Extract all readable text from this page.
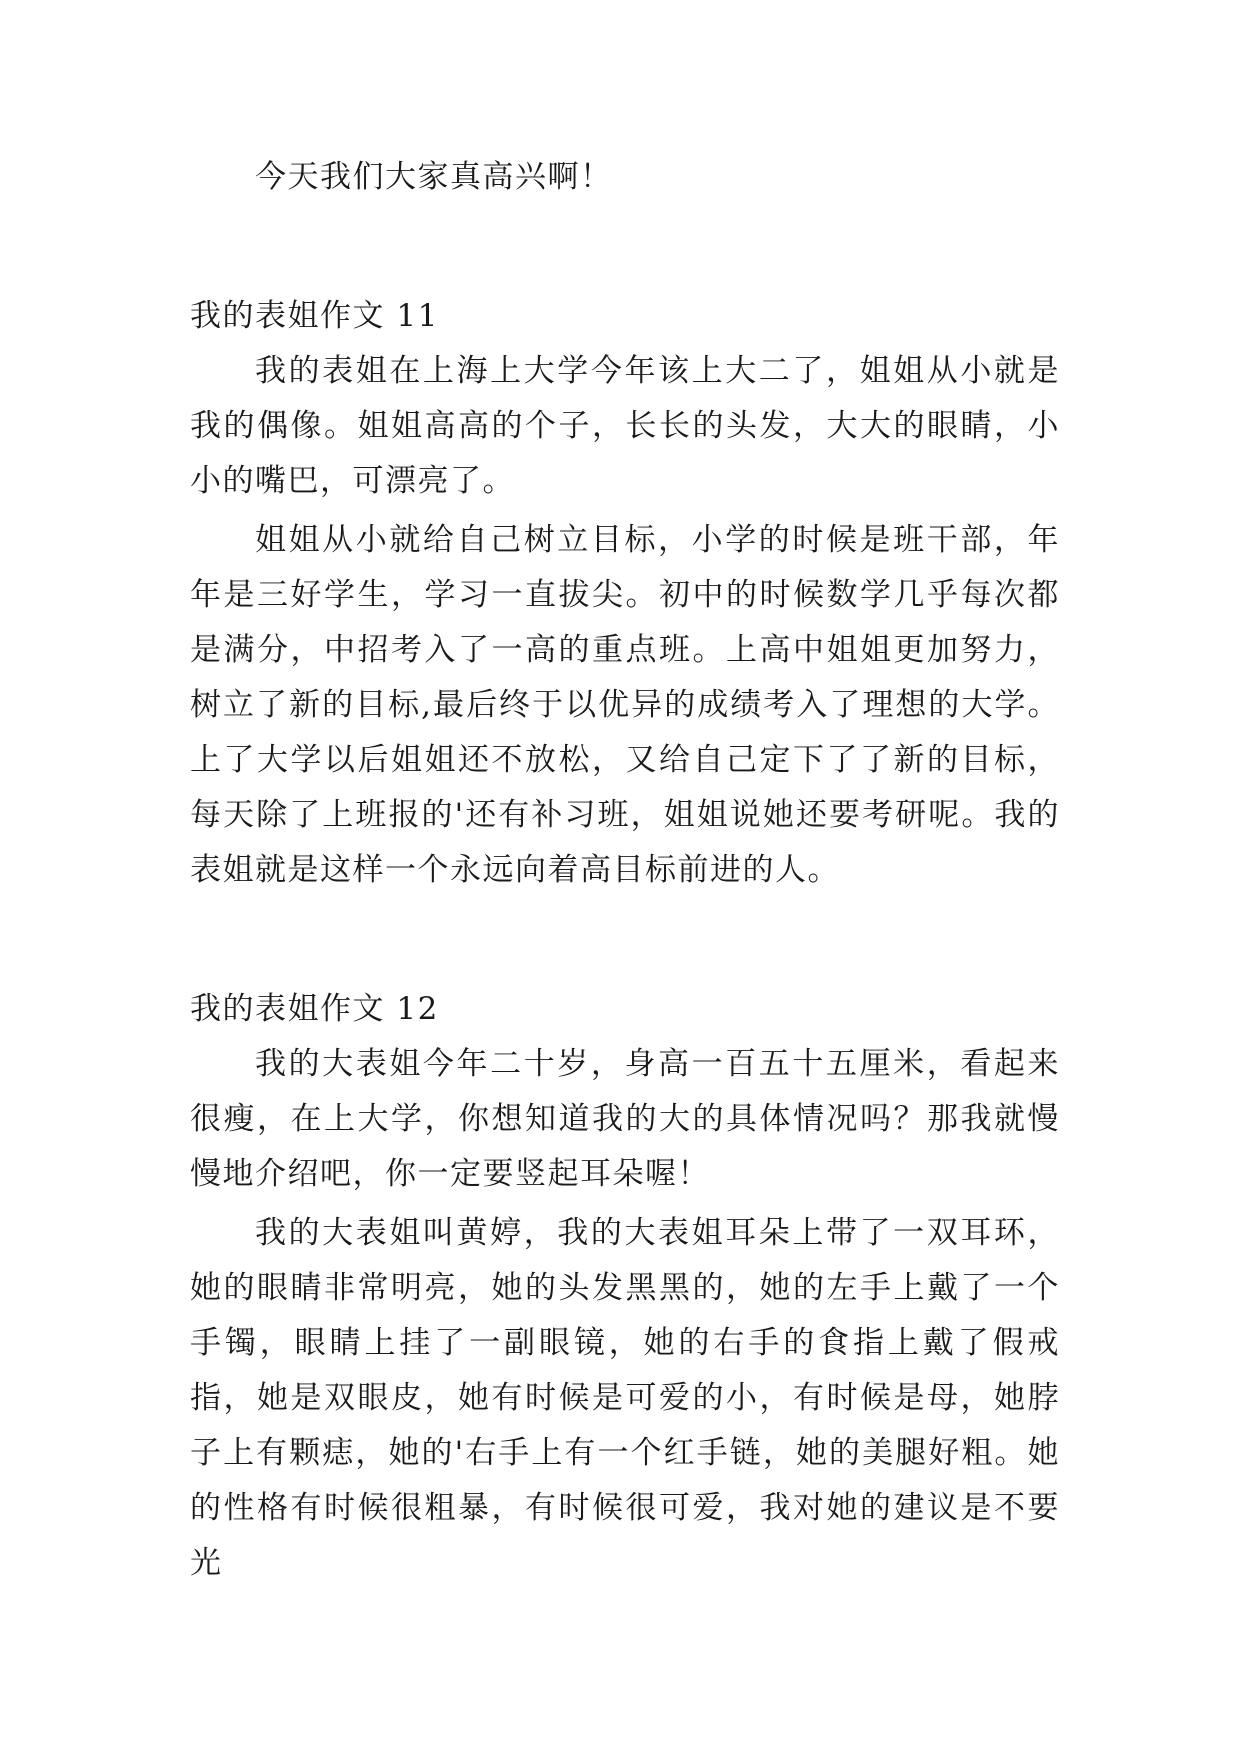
今天我们大家真高兴啊！

我的表姐作文 11

我的表姐在上海上大学今年该上大二了，姐姐从小就是我的偶像。姐姐高高的个子，长长的头发，大大的眼睛，小小的嘴巴，可漂亮了。

姐姐从小就给自己树立目标，小学的时候是班干部，年年是三好学生，学习一直拔尖。初中的时候数学几乎每次都是满分，中招考入了一高的重点班。上高中姐姐更加努力，树立了新的目标,最后终于以优异的成绩考入了理想的大学。上了大学以后姐姐还不放松，又给自己定下了了新的目标，每天除了上班报的'还有补习班，姐姐说她还要考研呢。我的表姐就是这样一个永远向着高目标前进的人。

我的表姐作文 12

我的大表姐今年二十岁，身高一百五十五厘米，看起来很瘦，在上大学，你想知道我的大的具体情况吗？那我就慢慢地介绍吧，你一定要竖起耳朵喔！

我的大表姐叫黄婷，我的大表姐耳朵上带了一双耳环，她的眼睛非常明亮，她的头发黑黑的，她的左手上戴了一个手镯，眼睛上挂了一副眼镜，她的右手的食指上戴了假戒指，她是双眼皮，她有时候是可爱的小，有时候是母，她脖子上有颗痣，她的'右手上有一个红手链，她的美腿好粗。她的性格有时候很粗暴，有时候很可爱，我对她的建议是不要光
